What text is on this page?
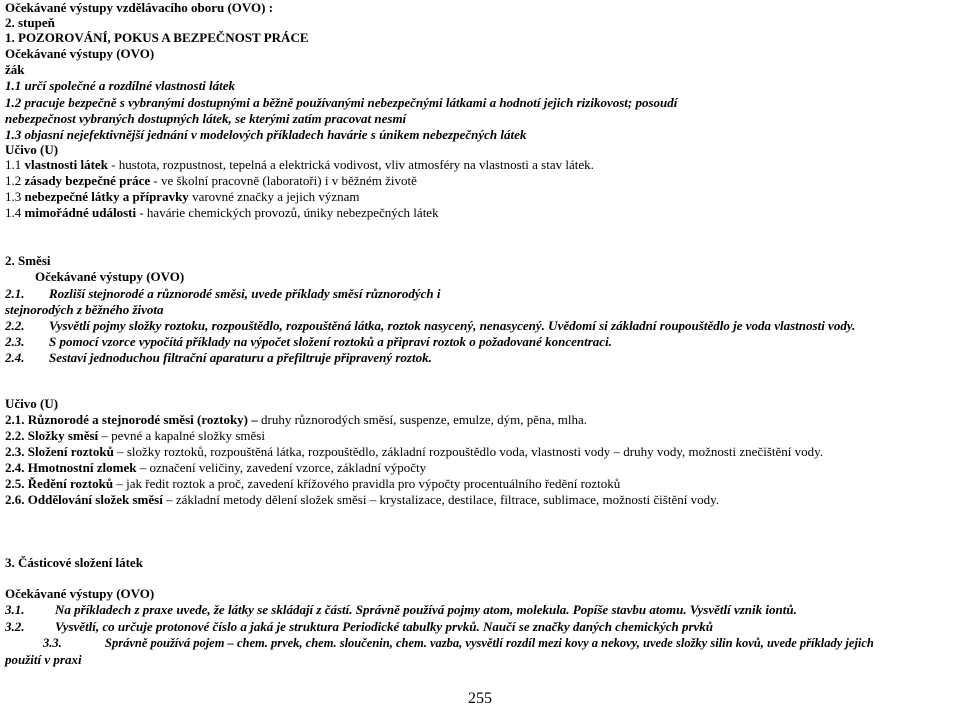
Očekávané výstupy vzdělávacího oboru (OVO) :
2. stupeň
1. POZOROVÁNÍ, POKUS A BEZPEČNOST PRÁCE
Očekávané výstupy (OVO)
žák
1.1 určí společné a rozdílné vlastnosti látek
1.2 pracuje bezpečně s vybranými dostupnými a běžně používanými nebezpečnými látkami a hodnotí jejich rizikovost; posoudí
nebezpečnost vybraných dostupných látek, se kterými zatím pracovat nesmí
1.3 objasní nejefektivnější jednání v modelových příkladech havárie s únikem nebezpečných látek
Učivo (U)
1.1 vlastnosti látek - hustota, rozpustnost, tepelná a elektrická vodivost, vliv atmosféry na vlastnosti a stav látek.
1.2 zásady bezpečné práce - ve školní pracovně (laboratoři) i v běžném životě
1.3 nebezpečné látky a přípravky varovné značky a jejich význam
1.4 mimořádné události - havárie chemických provozů, úniky nebezpečných látek
2. Směsi
Očekávané výstupy (OVO)
2.1. Rozliší stejnorodé a různorodé směsi, uvede příklady směsí různorodých i
stejnorodých z běžného života
2.2. Vysvětlí pojmy složky roztoku, rozpouštědlo, rozpouštěná látka, roztok nasycený, nenasycený. Uvědomí si základní roupouštědlo je voda vlastnosti vody.
2.3. S pomocí vzorce vypočítá příklady na výpočet složení roztoků a připraví roztok o požadované koncentraci.
2.4. Sestaví jednoduchou filtrační aparaturu a přefiltruje připravený roztok.
Učivo (U)
2.1. Různorodé a stejnorodé směsi (roztoky) – druhy různorodých směsí, suspenze, emulze, dým, pěna, mlha.
2.2. Složky směsí – pevné a kapalné složky směsi
2.3. Složení roztoků – složky roztoků, rozpouštěná látka, rozpouštědlo, základní rozpouštědlo voda, vlastnosti vody – druhy vody, možnosti znečištění vody.
2.4. Hmotnostní zlomek – označení veličiny, zavedení vzorce, základní výpočty
2.5. Ředění roztoků – jak ředit roztok a proč, zavedení křížového pravidla pro výpočty procentuálního ředění roztoků
2.6. Oddělování složek směsí – základní metody dělení složek směsi – krystalizace, destilace, filtrace, sublimace, možnosti čištění vody.
3. Částicové složení látek
Očekávané výstupy (OVO)
3.1. Na příkladech z praxe uvede, že látky se skládají z částí. Správně používá pojmy atom, molekula. Popíše stavbu atomu. Vysvětlí vznik iontů.
3.2. Vysvětlí, co určuje protonové číslo a jaká je struktura Periodické tabulky prvků. Naučí se značky daných chemických prvků
3.3.	Správně používá pojem – chem. prvek, chem. sloučenin, chem. vazba, vysvětlí rozdíl mezi kovy a nekovy, uvede složky silin kovů, uvede příklady jejich
použití v praxi
255
